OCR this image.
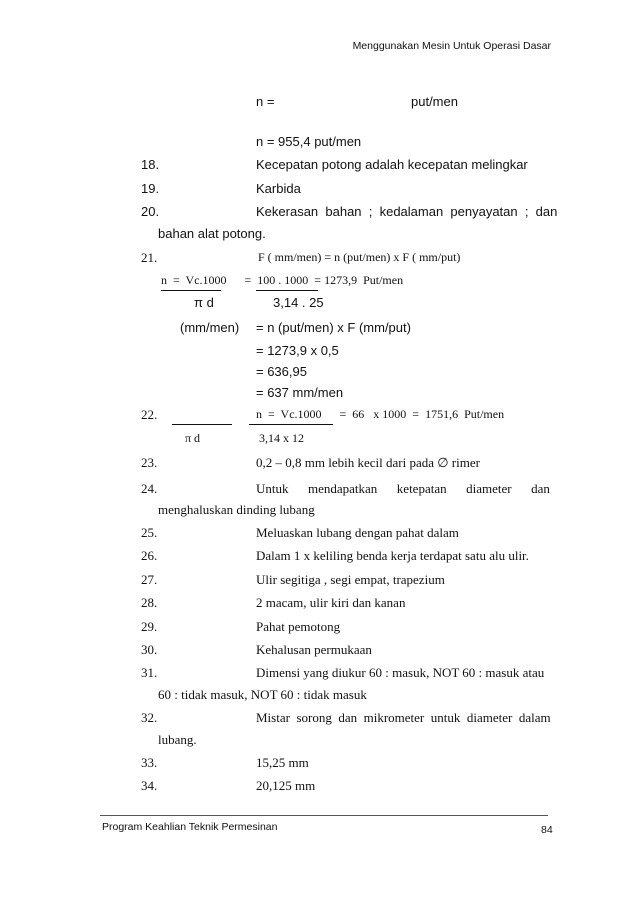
Menggunakan Mesin Untuk Operasi Dasar
n =	put/men
n = 955,4 put/men
18.	Kecepatan potong adalah kecepatan melingkar
19.	Karbida
20.	Kekerasan  bahan  ;  kedalaman  penyayatan  ;  dan
bahan alat potong.
21.	F ( mm/men) = n (put/men) x F ( mm/put)
n  =  Vc.1000      =  100 . 1000  = 1273,9  Put/men
π d	3,14 . 25
(mm/men) = n (put/men) x F (mm/put)
= 1273,9 x 0,5
= 636,95
= 637 mm/men
22.	n  =  Vc.1000      =  66   x 1000  =  1751,6  Put/men
π d	3,14 x 12
23.	0,2 – 0,8 mm lebih kecil dari pada ∅ rimer
24.	Untuk      mendapatkan      ketepatan      diameter      dan
menghaluskan dinding lubang
25.	Meluaskan lubang dengan pahat dalam
26.	Dalam 1 x keliling benda kerja terdapat satu alu ulir.
27.	Ulir segitiga , segi empat, trapezium
28.	2 macam, ulir kiri dan kanan
29.	Pahat pemotong
30.	Kehalusan permukaan
31.	Dimensi yang diukur 60 : masuk, NOT 60 : masuk atau
60 : tidak masuk, NOT 60 : tidak masuk
32.	Mistar  sorong  dan  mikrometer  untuk  diameter  dalam
lubang.
33.	15,25 mm
34.	20,125 mm
Program Keahlian Teknik Permesinan	84
